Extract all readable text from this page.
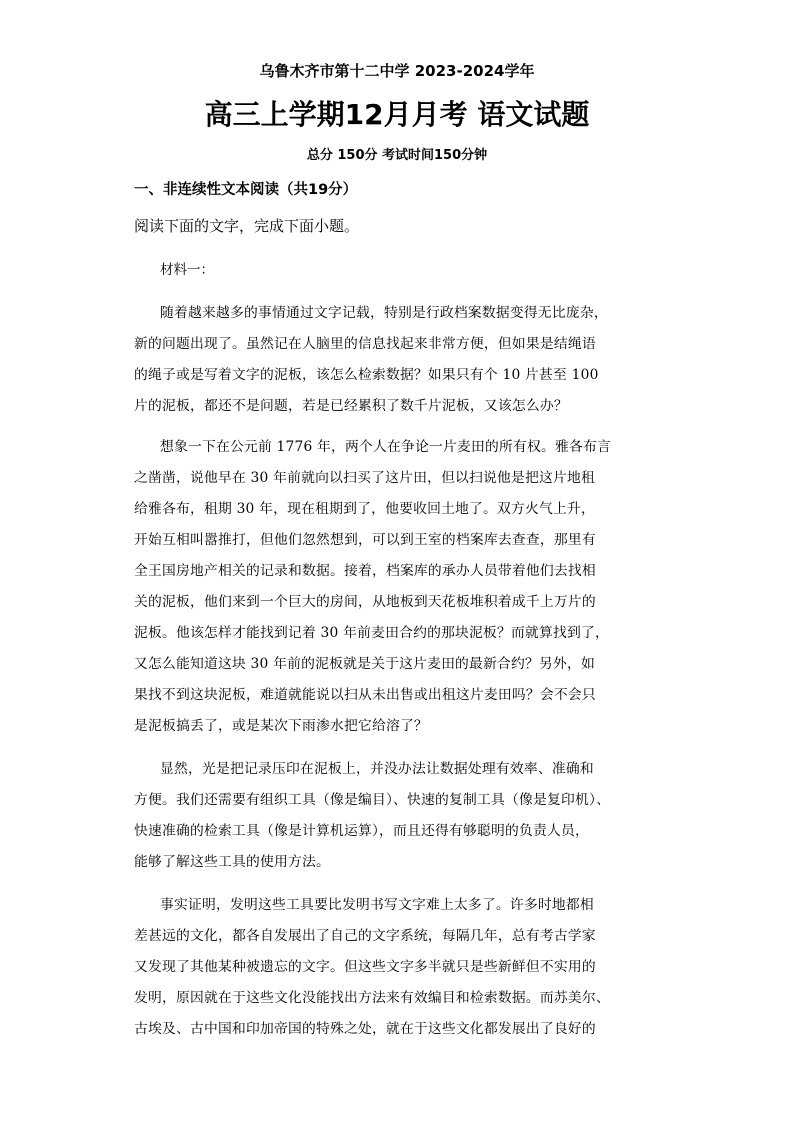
乌鲁木齐市第十二中学 2023-2024学年
高三上学期12月月考 语文试题
总分 150分 考试时间150分钟
一、非连续性文本阅读（共19分）
阅读下面的文字，完成下面小题。
材料一：
随着越来越多的事情通过文字记载，特别是行政档案数据变得无比庞杂，
新的问题出现了。虽然记在人脑里的信息找起来非常方便，但如果是结绳语
的绳子或是写着文字的泥板，该怎么检索数据？如果只有个 10 片甚至 100
片的泥板，都还不是问题，若是已经累积了数千片泥板，又该怎么办？
想象一下在公元前 1776 年，两个人在争论一片麦田的所有权。雅各布言
之凿凿，说他早在 30 年前就向以扫买了这片田，但以扫说他是把这片地租
给雅各布，租期 30 年，现在租期到了，他要收回土地了。双方火气上升，
开始互相叫嚣推打，但他们忽然想到，可以到王室的档案库去查查，那里有
全王国房地产相关的记录和数据。接着，档案库的承办人员带着他们去找相
关的泥板，他们来到一个巨大的房间，从地板到天花板堆积着成千上万片的
泥板。他该怎样才能找到记着 30 年前麦田合约的那块泥板？而就算找到了，
又怎么能知道这块 30 年前的泥板就是关于这片麦田的最新合约？另外，如
果找不到这块泥板，难道就能说以扫从未出售或出租这片麦田吗？会不会只
是泥板搞丢了，或是某次下雨渗水把它给溶了？
显然，光是把记录压印在泥板上，并没办法让数据处理有效率、准确和
方便。我们还需要有组织工具（像是编目）、快速的复制工具（像是复印机）、
快速准确的检索工具（像是计算机运算），而且还得有够聪明的负责人员，
能够了解这些工具的使用方法。
事实证明，发明这些工具要比发明书写文字难上太多了。许多时地都相
差甚远的文化，都各自发展出了自己的文字系统，每隔几年，总有考古学家
又发现了其他某种被遗忘的文字。但这些文字多半就只是些新鲜但不实用的
发明，原因就在于这些文化没能找出方法来有效编目和检索数据。而苏美尔、
古埃及、古中国和印加帝国的特殊之处，就在于这些文化都发展出了良好的
